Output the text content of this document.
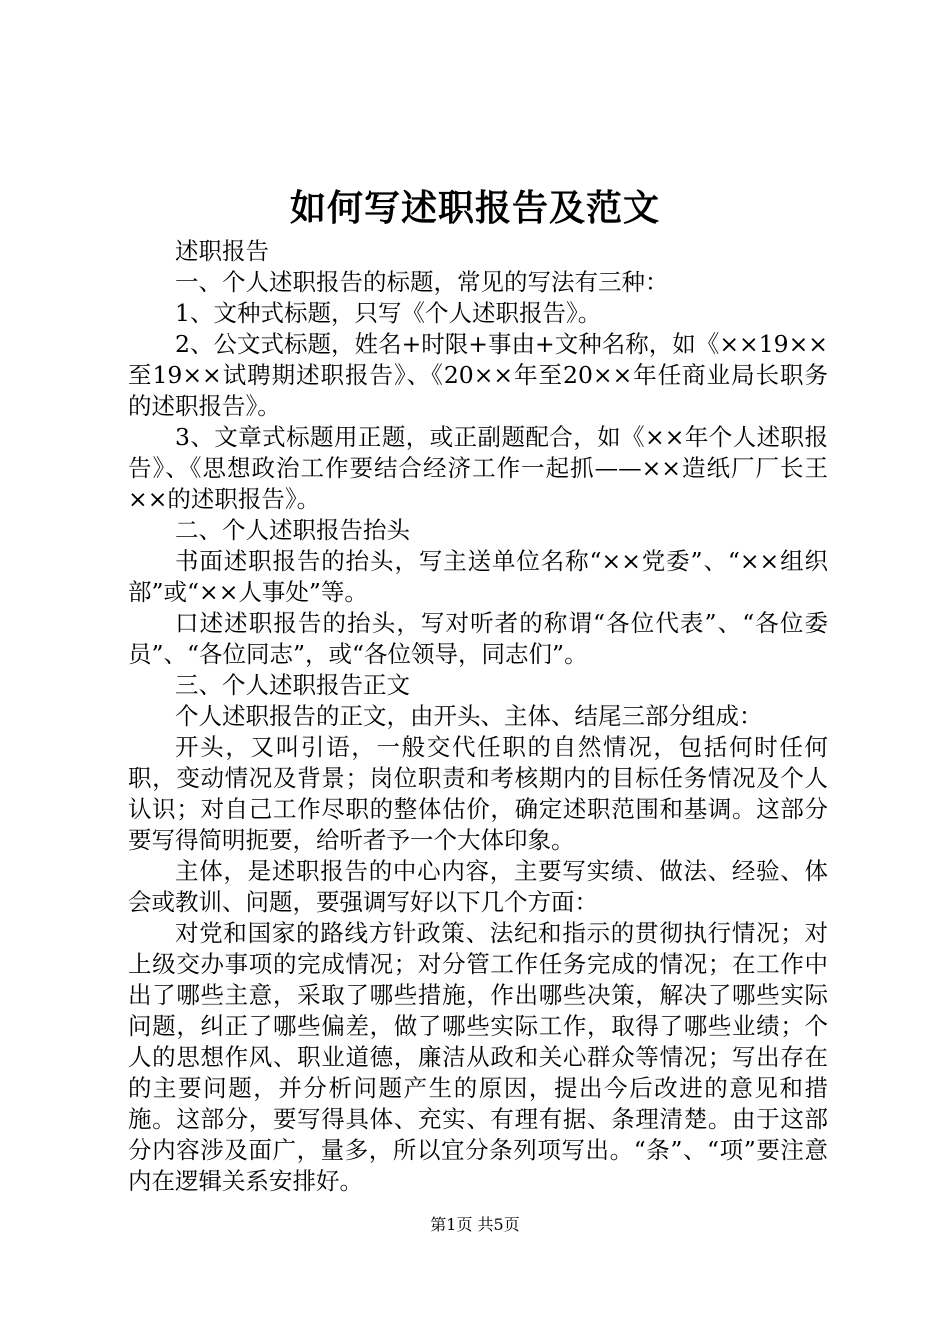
如何写述职报告及范文

述职报告

一、个人述职报告的标题，常见的写法有三种：

1、文种式标题，只写《个人述职报告》。

2、公文式标题，姓名+时限+事由+文种名称，如《××19××至19××试聘期述职报告》、《20××年至20××年任商业局长职务的述职报告》。

3、文章式标题用正题，或正副题配合，如《××年个人述职报告》、《思想政治工作要结合经济工作一起抓——××造纸厂厂长王××的述职报告》。

二、个人述职报告抬头

书面述职报告的抬头，写主送单位名称“××党委”、“××组织部”或“××人事处”等。

口述述职报告的抬头，写对听者的称谓“各位代表”、“各位委员”、“各位同志”，或“各位领导，同志们”。

三、个人述职报告正文

个人述职报告的正文，由开头、主体、结尾三部分组成：

开头，又叫引语，一般交代任职的自然情况，包括何时任何职，变动情况及背景；岗位职责和考核期内的目标任务情况及个人认识；对自己工作尽职的整体估价，确定述职范围和基调。这部分要写得简明扼要，给听者予一个大体印象。

主体，是述职报告的中心内容，主要写实绩、做法、经验、体会或教训、问题，要强调写好以下几个方面：

对党和国家的路线方针政策、法纪和指示的贯彻执行情况；对上级交办事项的完成情况；对分管工作任务完成的情况；在工作中出了哪些主意，采取了哪些措施，作出哪些决策，解决了哪些实际问题，纠正了哪些偏差，做了哪些实际工作，取得了哪些业绩；个人的思想作风、职业道德，廉洁从政和关心群众等情况；写出存在的主要问题，并分析问题产生的原因，提出今后改进的意见和措施。这部分，要写得具体、充实、有理有据、条理清楚。由于这部分内容涉及面广，量多，所以宜分条列项写出。“条”、“项”要注意内在逻辑关系安排好。

第1页 共5页
